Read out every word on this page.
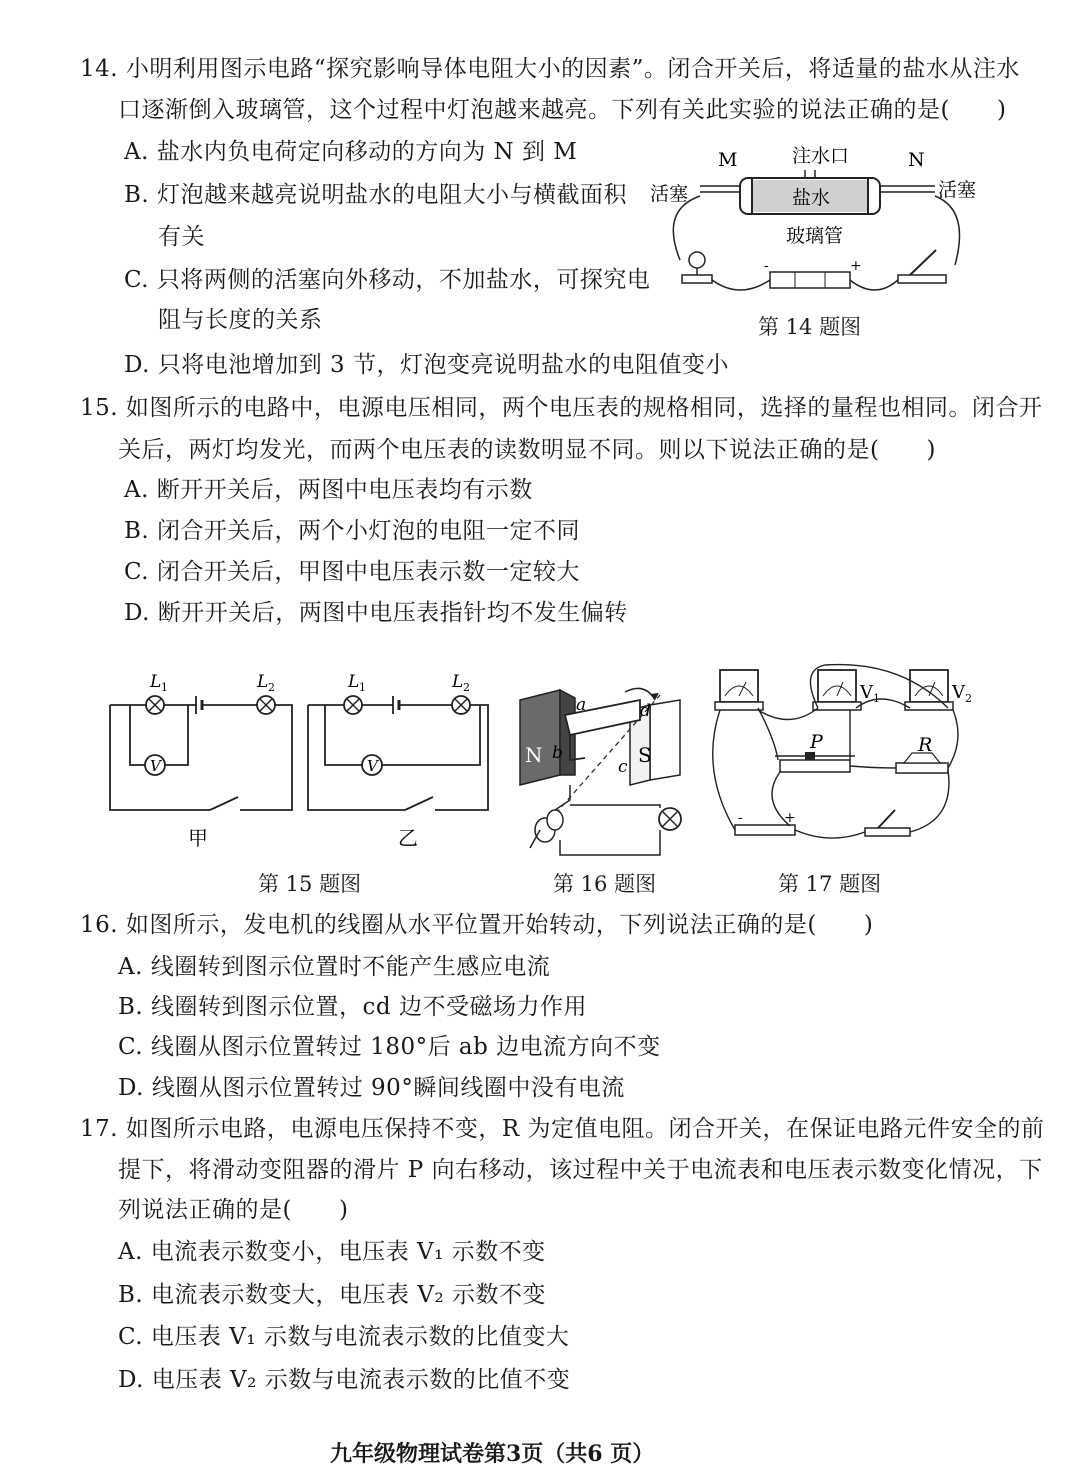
14. 小明利用图示电路“探究影响导体电阻大小的因素”。闭合开关后，将适量的盐水从注水
口逐渐倒入玻璃管，这个过程中灯泡越来越亮。下列有关此实验的说法正确的是(　　)
A. 盐水内负电荷定向移动的方向为 N 到 M
B. 灯泡越来越亮说明盐水的电阻大小与横截面积
有关
C. 只将两侧的活塞向外移动，不加盐水，可探究电
阻与长度的关系
D. 只将电池增加到 3 节，灯泡变亮说明盐水的电阻值变小
M	注水口	N
活塞	活塞
盐水
玻璃管
-	+
第 14 题图
15. 如图所示的电路中，电源电压相同，两个电压表的规格相同，选择的量程也相同。闭合开
关后，两灯均发光，而两个电压表的读数明显不同。则以下说法正确的是(　　)
A. 断开开关后，两图中电压表均有示数
B. 闭合开关后，两个小灯泡的电阻一定不同
C. 闭合开关后，甲图中电压表示数一定较大
D. 断开开关后，两图中电压表指针均不发生偏转
V
L 1	L 2
甲
V
L 1	L 2
乙
第 15 题图
N	S
a
b
c
d
第 16 题图
V 1	V 2
P	R
-	+
第 17 题图
16. 如图所示，发电机的线圈从水平位置开始转动，下列说法正确的是(　　)
A. 线圈转到图示位置时不能产生感应电流
B. 线圈转到图示位置，cd 边不受磁场力作用
C. 线圈从图示位置转过 180°后 ab 边电流方向不变
D. 线圈从图示位置转过 90°瞬间线圈中没有电流
17. 如图所示电路，电源电压保持不变，R 为定值电阻。闭合开关，在保证电路元件安全的前
提下，将滑动变阻器的滑片 P 向右移动，该过程中关于电流表和电压表示数变化情况，下
列说法正确的是(　　)
A. 电流表示数变小，电压表 V₁ 示数不变
B. 电流表示数变大，电压表 V₂ 示数不变
C. 电压表 V₁ 示数与电流表示数的比值变大
D. 电压表 V₂ 示数与电流表示数的比值不变
九年级物理试卷第3页（共6 页）
